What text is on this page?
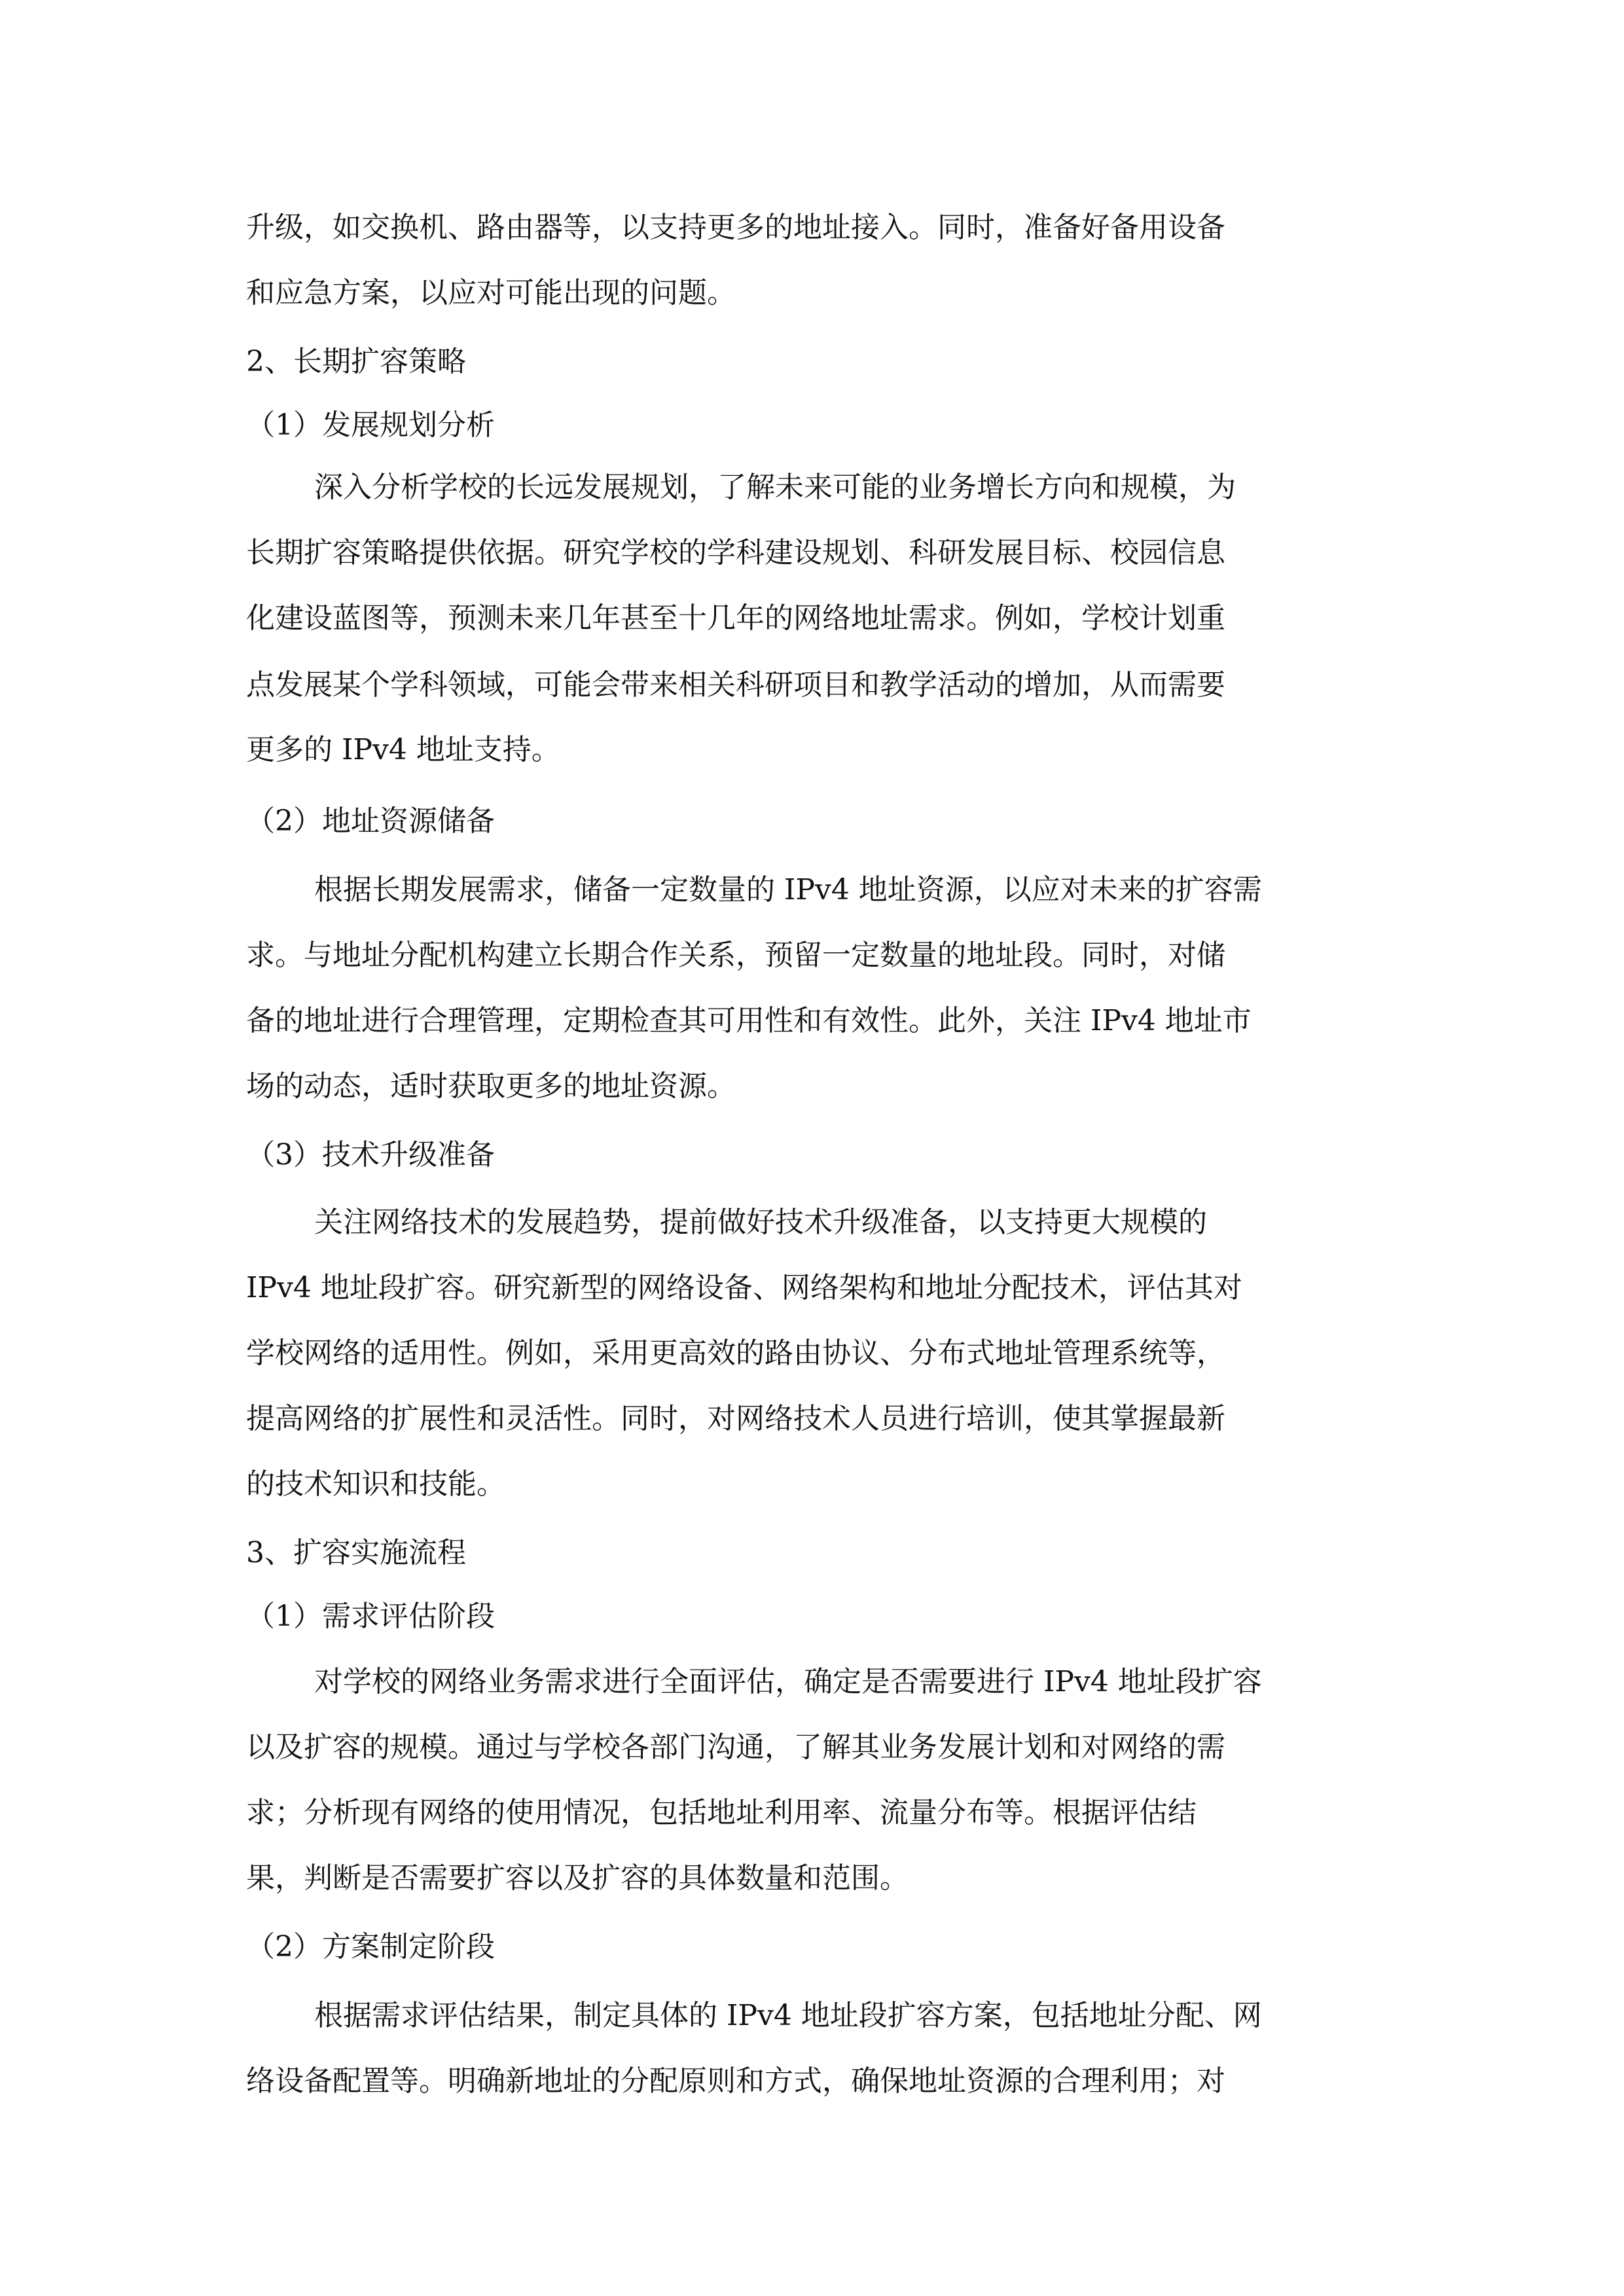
升级，如交换机、路由器等，以支持更多的地址接入。同时，准备好备用设备

和应急方案，以应对可能出现的问题。

2、长期扩容策略

（1）发展规划分析

深入分析学校的长远发展规划，了解未来可能的业务增长方向和规模，为

长期扩容策略提供依据。研究学校的学科建设规划、科研发展目标、校园信息

化建设蓝图等，预测未来几年甚至十几年的网络地址需求。例如，学校计划重

点发展某个学科领域，可能会带来相关科研项目和教学活动的增加，从而需要

更多的 IPv4 地址支持。

（2）地址资源储备

根据长期发展需求，储备一定数量的 IPv4 地址资源，以应对未来的扩容需

求。与地址分配机构建立长期合作关系，预留一定数量的地址段。同时，对储

备的地址进行合理管理，定期检查其可用性和有效性。此外，关注 IPv4 地址市

场的动态，适时获取更多的地址资源。

（3）技术升级准备

关注网络技术的发展趋势，提前做好技术升级准备，以支持更大规模的

IPv4 地址段扩容。研究新型的网络设备、网络架构和地址分配技术，评估其对

学校网络的适用性。例如，采用更高效的路由协议、分布式地址管理系统等，

提高网络的扩展性和灵活性。同时，对网络技术人员进行培训，使其掌握最新

的技术知识和技能。

3、扩容实施流程

（1）需求评估阶段

对学校的网络业务需求进行全面评估，确定是否需要进行 IPv4 地址段扩容

以及扩容的规模。通过与学校各部门沟通，了解其业务发展计划和对网络的需

求；分析现有网络的使用情况，包括地址利用率、流量分布等。根据评估结

果，判断是否需要扩容以及扩容的具体数量和范围。

（2）方案制定阶段

根据需求评估结果，制定具体的 IPv4 地址段扩容方案，包括地址分配、网

络设备配置等。明确新地址的分配原则和方式，确保地址资源的合理利用；对
